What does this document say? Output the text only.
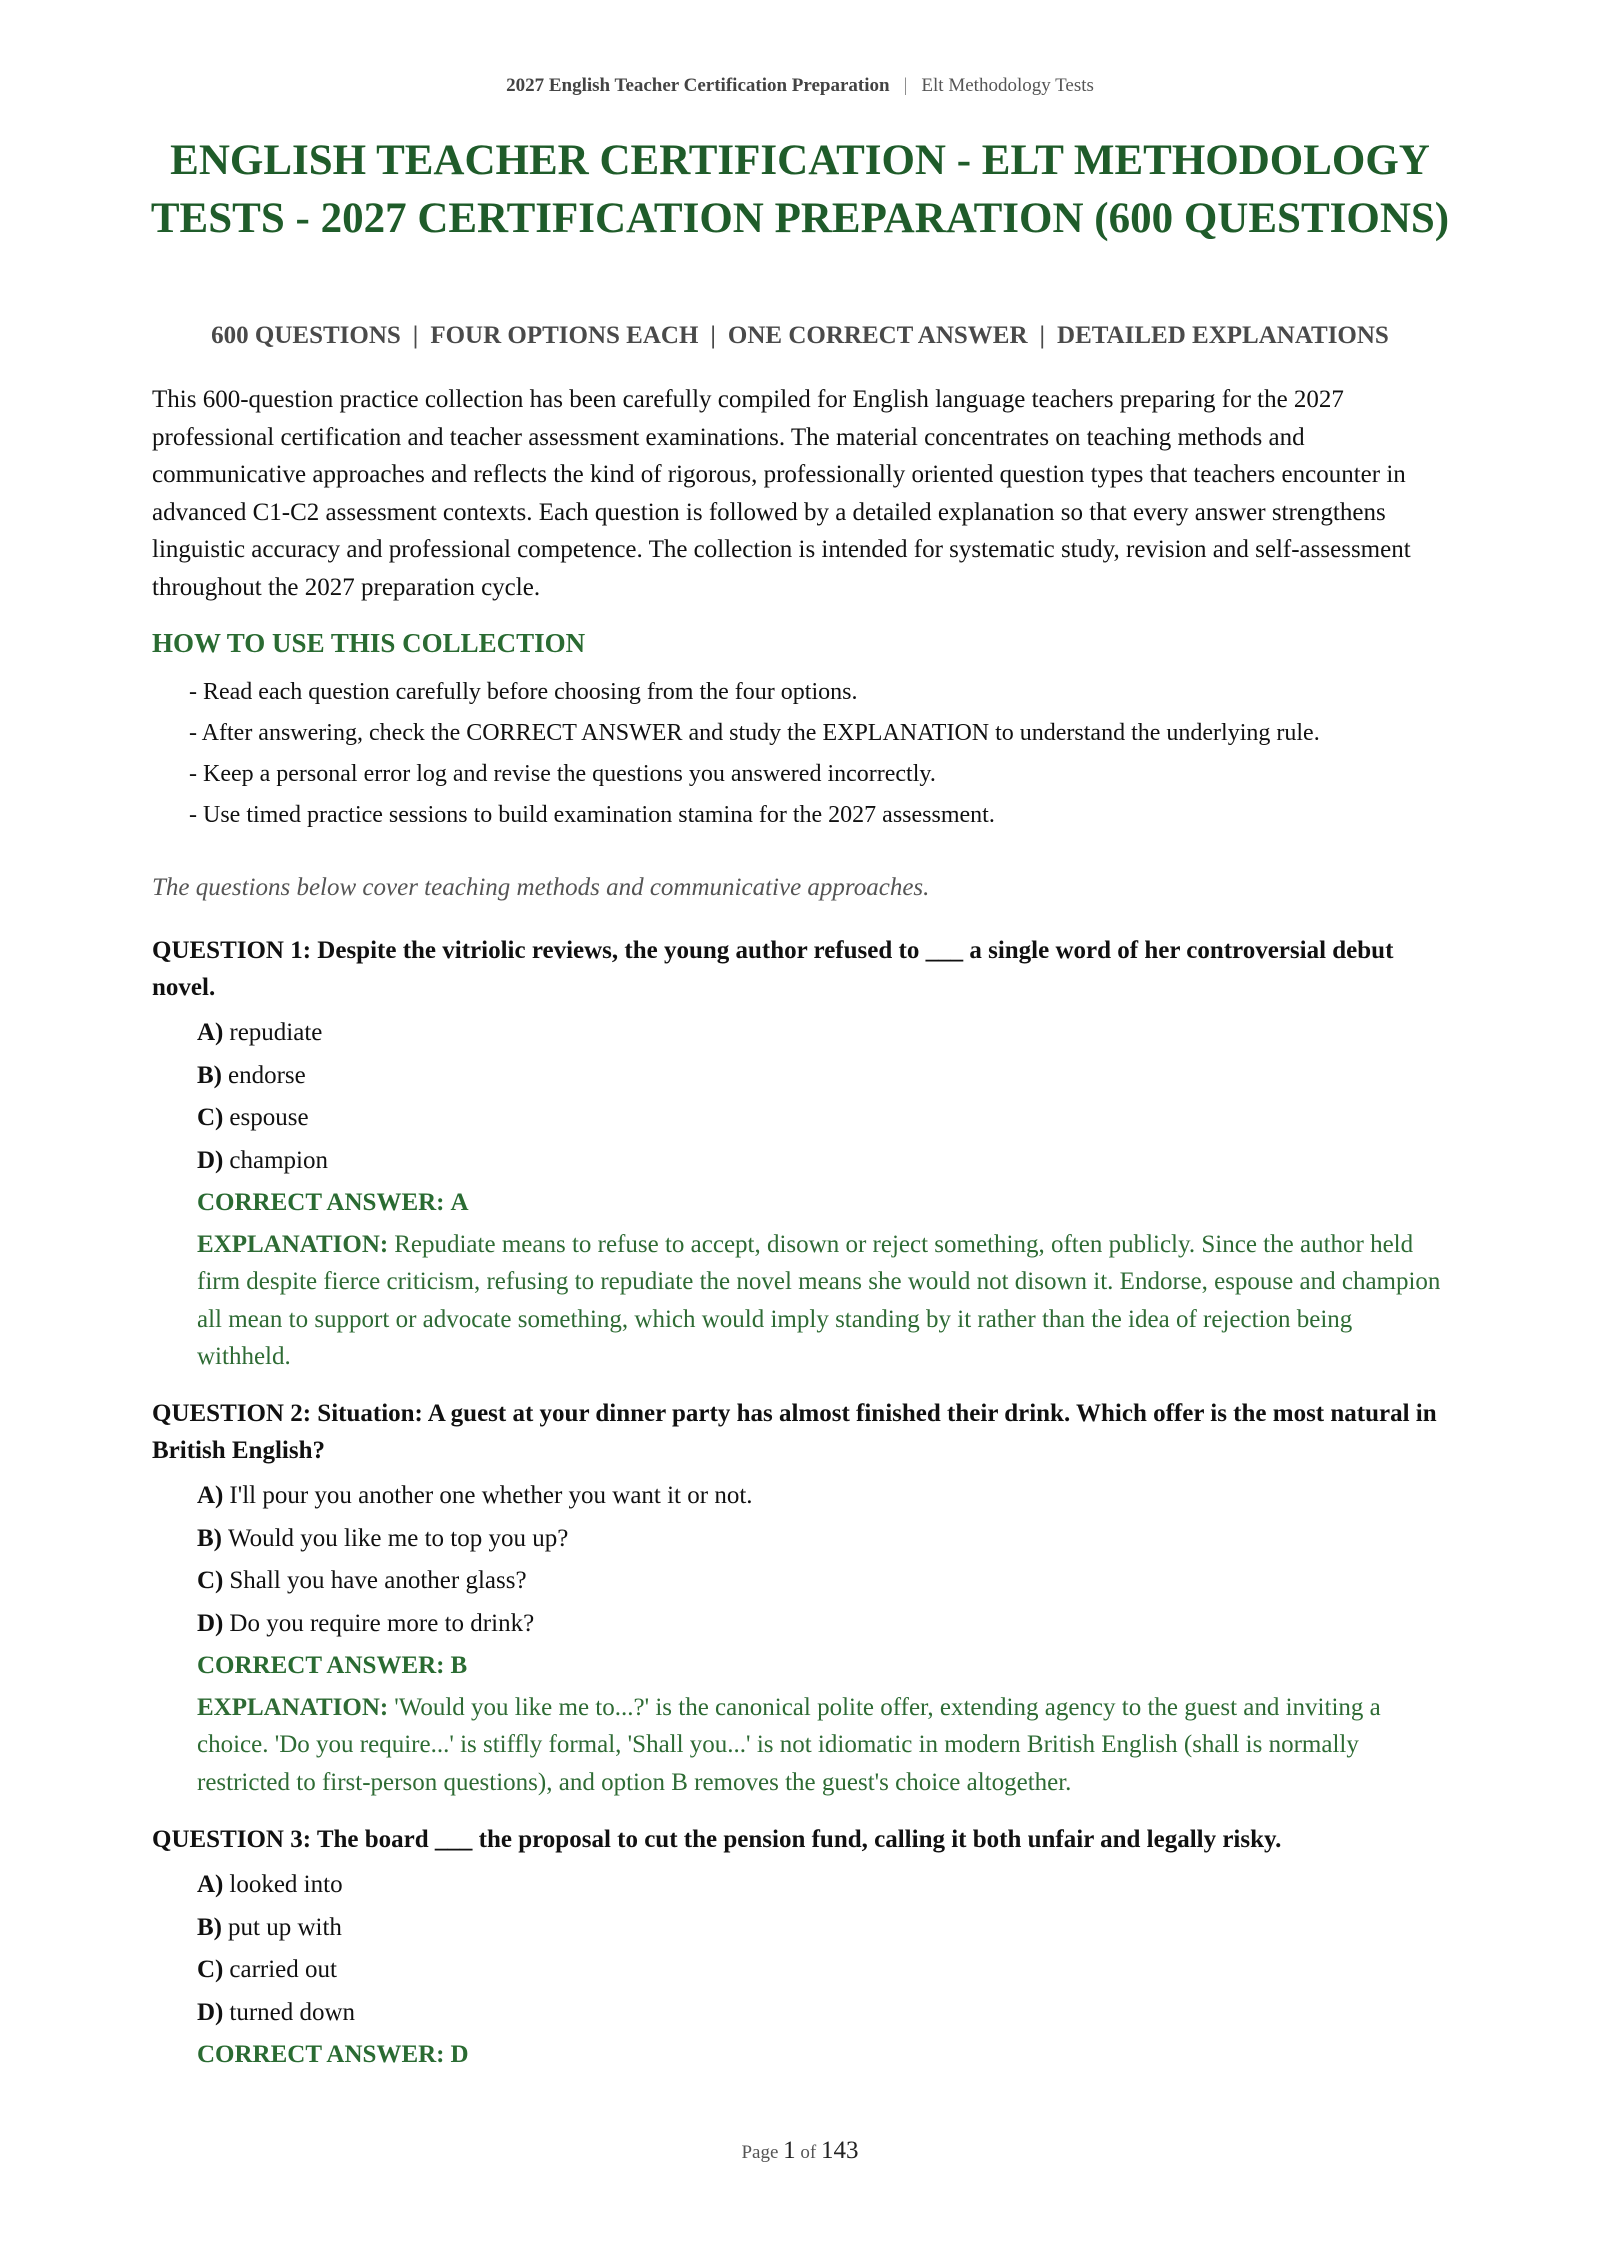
2027 English Teacher Certification Preparation | Elt Methodology Tests
ENGLISH TEACHER CERTIFICATION - ELT METHODOLOGY TESTS - 2027 CERTIFICATION PREPARATION (600 QUESTIONS)
600 QUESTIONS | FOUR OPTIONS EACH | ONE CORRECT ANSWER | DETAILED EXPLANATIONS

This 600-question practice collection has been carefully compiled for English language teachers preparing for the 2027 professional certification and teacher assessment examinations. The material concentrates on teaching methods and communicative approaches and reflects the kind of rigorous, professionally oriented question types that teachers encounter in advanced C1-C2 assessment contexts. Each question is followed by a detailed explanation so that every answer strengthens linguistic accuracy and professional competence. The collection is intended for systematic study, revision and self-assessment throughout the 2027 preparation cycle.

HOW TO USE THIS COLLECTION
- Read each question carefully before choosing from the four options.
- After answering, check the CORRECT ANSWER and study the EXPLANATION to understand the underlying rule.
- Keep a personal error log and revise the questions you answered incorrectly.
- Use timed practice sessions to build examination stamina for the 2027 assessment.

The questions below cover teaching methods and communicative approaches.

QUESTION 1: Despite the vitriolic reviews, the young author refused to ___ a single word of her controversial debut novel.

A) repudiate
B) endorse
C) espouse
D) champion

CORRECT ANSWER: A

EXPLANATION: Repudiate means to refuse to accept, disown or reject something, often publicly. Since the author held firm despite fierce criticism, refusing to repudiate the novel means she would not disown it. Endorse, espouse and champion all mean to support or advocate something, which would imply standing by it rather than the idea of rejection being withheld.

QUESTION 2: Situation: A guest at your dinner party has almost finished their drink. Which offer is the most natural in British English?

A) I'll pour you another one whether you want it or not.
B) Would you like me to top you up?
C) Shall you have another glass?
D) Do you require more to drink?

CORRECT ANSWER: B

EXPLANATION: 'Would you like me to...?' is the canonical polite offer, extending agency to the guest and inviting a choice. 'Do you require...' is stiffly formal, 'Shall you...' is not idiomatic in modern British English (shall is normally restricted to first-person questions), and option B removes the guest's choice altogether.

QUESTION 3: The board ___ the proposal to cut the pension fund, calling it both unfair and legally risky.

A) looked into
B) put up with
C) carried out
D) turned down

CORRECT ANSWER: D

Page 1 of 143
